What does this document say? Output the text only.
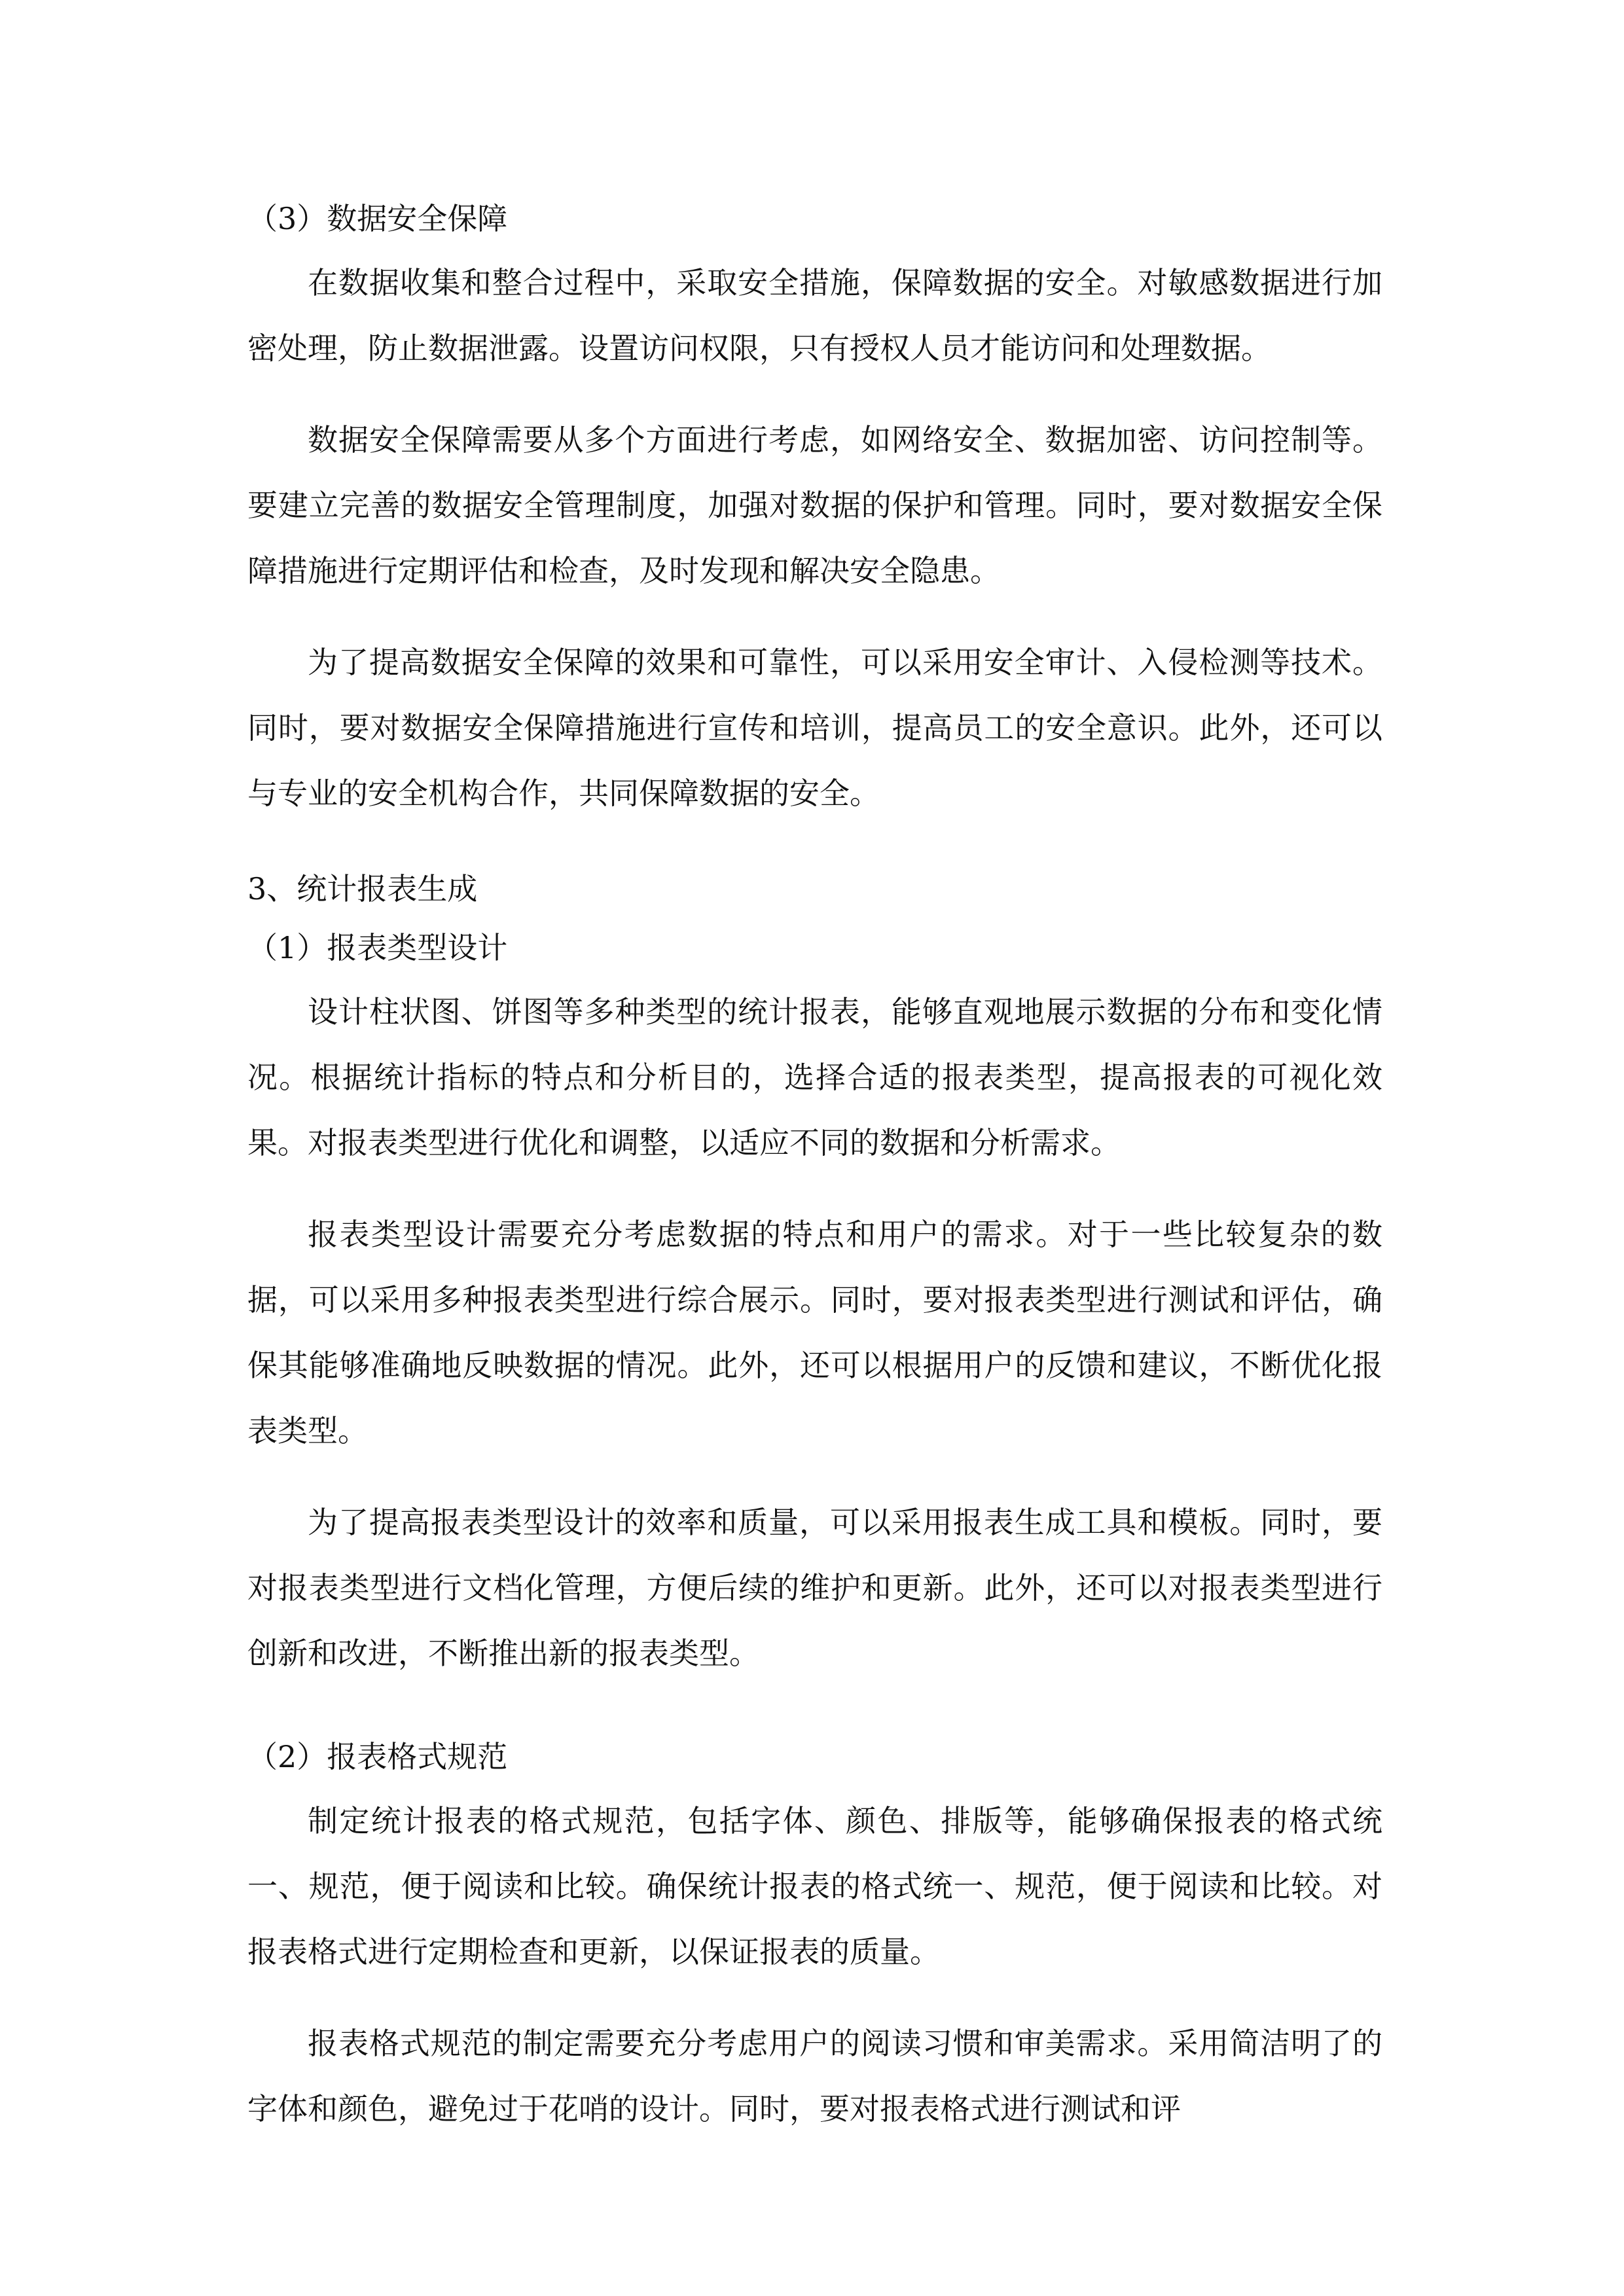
（3）数据安全保障

在数据收集和整合过程中，采取安全措施，保障数据的安全。对敏感数据进行加密处理，防止数据泄露。设置访问权限，只有授权人员才能访问和处理数据。

数据安全保障需要从多个方面进行考虑，如网络安全、数据加密、访问控制等。要建立完善的数据安全管理制度，加强对数据的保护和管理。同时，要对数据安全保障措施进行定期评估和检查，及时发现和解决安全隐患。

为了提高数据安全保障的效果和可靠性，可以采用安全审计、入侵检测等技术。同时，要对数据安全保障措施进行宣传和培训，提高员工的安全意识。此外，还可以与专业的安全机构合作，共同保障数据的安全。

3、统计报表生成

（1）报表类型设计

设计柱状图、饼图等多种类型的统计报表，能够直观地展示数据的分布和变化情况。根据统计指标的特点和分析目的，选择合适的报表类型，提高报表的可视化效果。对报表类型进行优化和调整，以适应不同的数据和分析需求。

报表类型设计需要充分考虑数据的特点和用户的需求。对于一些比较复杂的数据，可以采用多种报表类型进行综合展示。同时，要对报表类型进行测试和评估，确保其能够准确地反映数据的情况。此外，还可以根据用户的反馈和建议，不断优化报表类型。

为了提高报表类型设计的效率和质量，可以采用报表生成工具和模板。同时，要对报表类型进行文档化管理，方便后续的维护和更新。此外，还可以对报表类型进行创新和改进，不断推出新的报表类型。

（2）报表格式规范

制定统计报表的格式规范，包括字体、颜色、排版等，能够确保报表的格式统一、规范，便于阅读和比较。确保统计报表的格式统一、规范，便于阅读和比较。对报表格式进行定期检查和更新，以保证报表的质量。

报表格式规范的制定需要充分考虑用户的阅读习惯和审美需求。采用简洁明了的字体和颜色，避免过于花哨的设计。同时，要对报表格式进行测试和评
